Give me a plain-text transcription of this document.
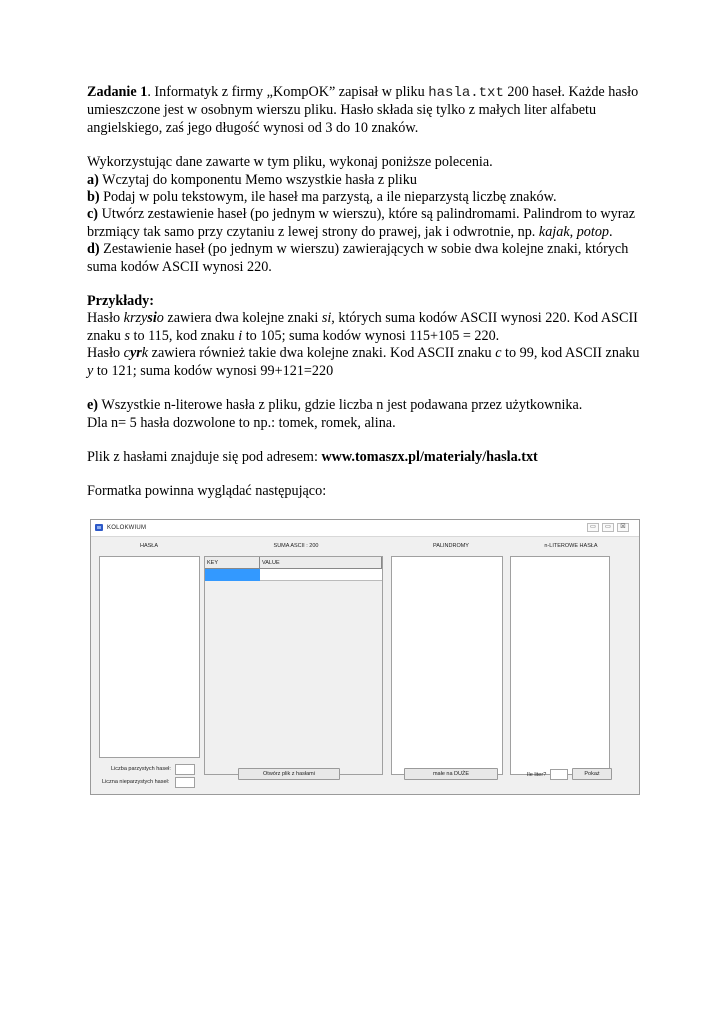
Zadanie 1. Informatyk z firmy „KompOK” zapisał w pliku hasla.txt 200 haseł. Każde hasło umieszczone jest w osobnym wierszu pliku. Hasło składa się tylko z małych liter alfabetu angielskiego, zaś jego długość wynosi od 3 do 10 znaków.

Wykorzystując dane zawarte w tym pliku, wykonaj poniższe polecenia.

a) Wczytaj do komponentu Memo wszystkie hasła z pliku

b) Podaj w polu tekstowym, ile haseł ma parzystą, a ile nieparzystą liczbę znaków.

c) Utwórz zestawienie haseł (po jednym w wierszu), które są palindromami. Palindrom to wyraz brzmiący tak samo przy czytaniu z lewej strony do prawej, jak i odwrotnie, np. kajak, potop.

d) Zestawienie haseł (po jednym w wierszu) zawierających w sobie dwa kolejne znaki, których suma kodów ASCII wynosi 220.

Przykłady:

Hasło krzysio zawiera dwa kolejne znaki si, których suma kodów ASCII wynosi 220. Kod ASCII znaku s to 115, kod znaku i to 105; suma kodów wynosi 115+105 = 220.

Hasło cyrk zawiera również takie dwa kolejne znaki. Kod ASCII znaku c to 99, kod ASCII znaku y to 121; suma kodów wynosi 99+121=220

e) Wszystkie n-literowe hasła z pliku, gdzie liczba n jest podawana przez użytkownika.

Dla n= 5 hasła dozwolone to np.: tomek, romek, alina.

Plik z hasłami znajduje się pod adresem: www.tomaszx.pl/materialy/hasla.txt

Formatka powinna wyglądać następująco:

KOLOKWIUM	▭	▭	☒
HASŁA	SUMA ASCII : 200	PALINDROMY	n-LITEROWE HASŁA
KEY	VALUE
Liczba parzystych haseł:
Liczna nieparzystych haseł:
Otwórz plik z hasłami	małe na DUŻE	Ile liter?	Pokaż
